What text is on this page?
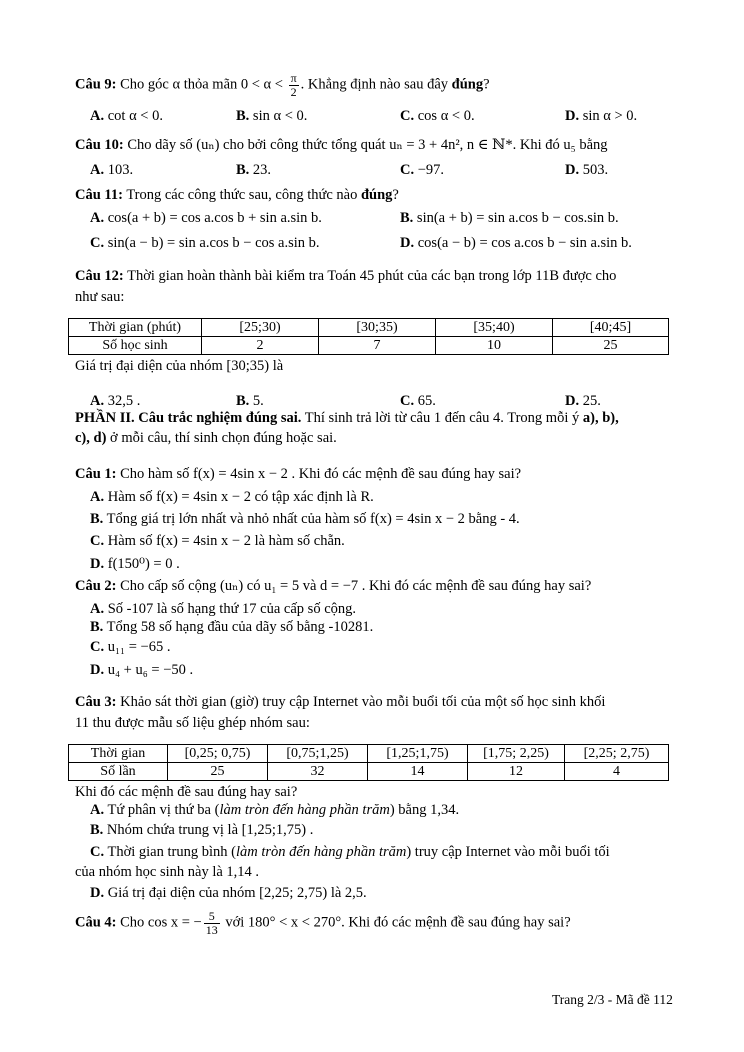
Câu 9: Cho góc α thỏa mãn $0 < \alpha < \frac{\pi}{2}$ . Khẳng định nào sau đây đúng?
A. cot α < 0.	B. sin α < 0.	C. cos α < 0.	D. sin α > 0.
Câu 10: Cho dãy số (uₙ) cho bởi công thức tổng quát uₙ = 3 + 4n², n ∈ ℕ*. Khi đó u₅ bằng
A. 103.	B. 23.	C. −97.	D. 503.
Câu 11: Trong các công thức sau, công thức nào đúng?
A. cos(a + b) = cos a.cos b + sin a.sin b.	B. sin(a + b) = sin a.cos b − cos.sin b.
C. sin(a − b) = sin a.cos b − cos a.sin b.	D. cos(a − b) = cos a.cos b − sin a.sin b.
Câu 12: Thời gian hoàn thành bài kiểm tra Toán 45 phút của các bạn trong lớp 11B được cho
như sau:
Thời gian (phút)	[25;30)	[30;35)	[35;40)	[40;45]
Số học sinh	2	7	10	25
Giá trị đại diện của nhóm [30;35) là
A. 32,5 .	B. 5.	C. 65.	D. 25.
PHẦN II. Câu trắc nghiệm đúng sai. Thí sinh trả lời từ câu 1 đến câu 4. Trong mỗi ý a), b),
c), d) ở mỗi câu, thí sinh chọn đúng hoặc sai.
Câu 1: Cho hàm số f(x) = 4sin x − 2 . Khi đó các mệnh đề sau đúng hay sai?
A. Hàm số f(x) = 4sin x − 2 có tập xác định là R.
B. Tổng giá trị lớn nhất và nhỏ nhất của hàm số f(x) = 4sin x − 2 bằng - 4.
C. Hàm số f(x) = 4sin x − 2 là hàm số chẵn.
D. f(150⁰) = 0 .
Câu 2: Cho cấp số cộng (uₙ) có u₁ = 5 và d = −7 . Khi đó các mệnh đề sau đúng hay sai?
A. Số -107 là số hạng thứ 17 của cấp số cộng.
B. Tổng 58 số hạng đầu của dãy số bằng -10281.
C. u₁₁ = −65 .
D. u₄ + u₆ = −50 .
Câu 3: Khảo sát thời gian (giờ) truy cập Internet vào mỗi buổi tối của một số học sinh khối
11 thu được mẫu số liệu ghép nhóm sau:
Thời gian	[0,25; 0,75)	[0,75;1,25)	[1,25;1,75)	[1,75; 2,25)	[2,25; 2,75)
Số lần	25	32	14	12	4
Khi đó các mệnh đề sau đúng hay sai?
A. Tứ phân vị thứ ba (làm tròn đến hàng phần trăm) bằng 1,34.
B. Nhóm chứa trung vị là [1,25;1,75) .
C. Thời gian trung bình (làm tròn đến hàng phần trăm) truy cập Internet vào mỗi buổi tối
của nhóm học sinh này là 1,14 .
D. Giá trị đại diện của nhóm [2,25; 2,75) là 2,5.
Câu 4: Cho cos x = − $\frac{5}{13}$ với 180° < x < 270°. Khi đó các mệnh đề sau đúng hay sai?
Trang 2/3 - Mã đề 112
